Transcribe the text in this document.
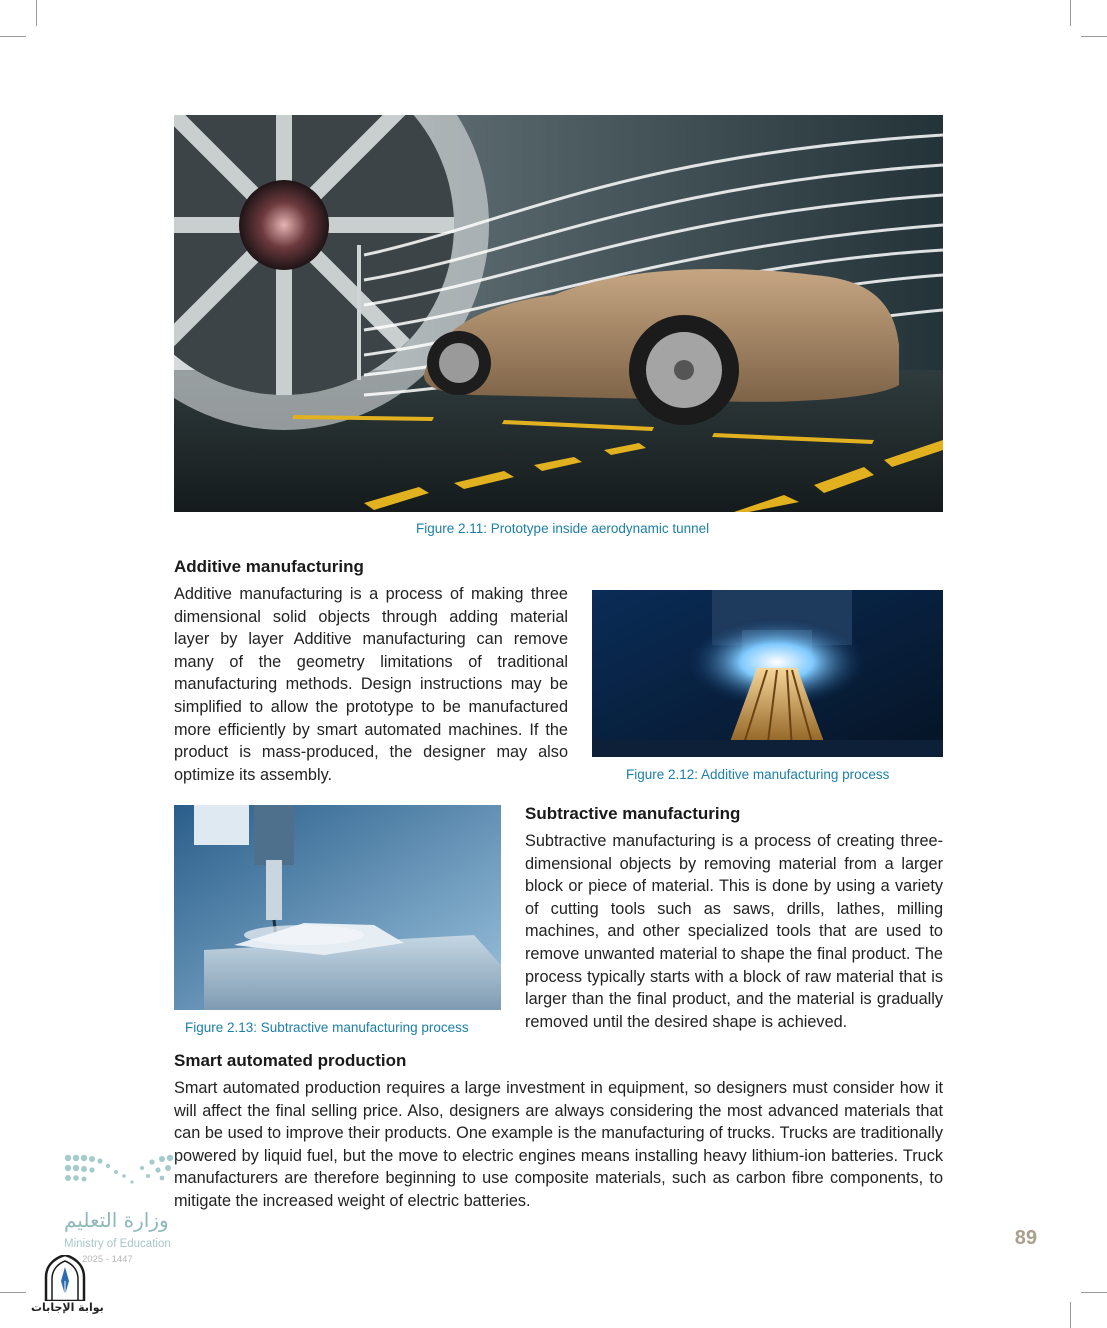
Figure 2.11: Prototype inside aerodynamic tunnel
Additive manufacturing

Additive manufacturing is a process of making three dimensional solid objects through adding material layer by layer Additive manufacturing can remove many of the geometry limitations of traditional manufacturing methods. Design instructions may be simplified to allow the prototype to be manufactured more efficiently by smart automated machines. If the product is mass-produced, the designer may also optimize its assembly.	Figure 2.12: Additive manufacturing process
Figure 2.13: Subtractive manufacturing process
Subtractive manufacturing

Subtractive manufacturing is a process of creating three-dimensional objects by removing material from a larger block or piece of material. This is done by using a variety of cutting tools such as saws, drills, lathes, milling machines, and other specialized tools that are used to remove unwanted material to shape the final product. The process typically starts with a block of raw material that is larger than the final product, and the material is gradually removed until the desired shape is achieved.

Smart automated production

Smart automated production requires a large investment in equipment, so designers must consider how it will affect the final selling price. Also, designers are always considering the most advanced materials that can be used to improve their products. One example is the manufacturing of trucks. Trucks are traditionally powered by liquid fuel, but the move to electric engines means installing heavy lithium-ion batteries. Truck manufacturers are therefore beginning to use composite materials, such as carbon fibre components, to mitigate the increased weight of electric batteries.

وزارة التعليم
Ministry of Education
2025 - 1447
بوابة الإجابات
89
